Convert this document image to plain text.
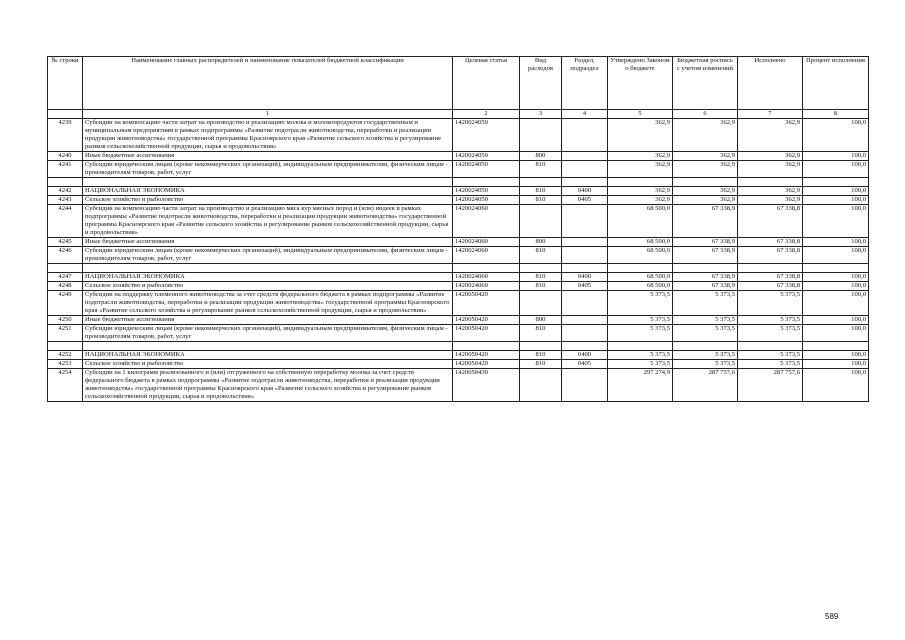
№ строки	Наименование главных распорядителей и наименование показателей бюджетной классификации	Целевая статья	Вид расходов	Раздел, подраздел	Утверждено Законом о бюджете	Бюджетная роспись с учетом изменений	Исполнено	Процент исполнения
	1	2	3	4	5	6	7	8
4239	Субсидии на компенсацию части затрат на производство и реализацию молока и молокопродуктов государственным и муниципальным предприятиям в рамках подпрограммы «Развитие подотрасли животноводства, переработки и реализации продукции животноводства» государственной программы Красноярского края «Развитие сельского хозяйства и регулирование рынков сельскохозяйственной продукции, сырья и продовольствия»	1420024050			362,9	362,9	362,9	100,0
4240	Иные бюджетные ассигнования	1420024050	800		362,9	362,9	362,9	100,0
4241	Субсидии юридическим лицам (кроме некоммерческих организаций), индивидуальным предпринимателям, физическим лицам - производителям товаров, работ, услуг	1420024050	810		362,9	362,9	362,9	100,0

4242	НАЦИОНАЛЬНАЯ ЭКОНОМИКА	1420024050	810	0400	362,9	362,9	362,9	100,0
4243	Сельское хозяйство и рыболовство	1420024050	810	0405	362,9	362,9	362,9	100,0
4244	Субсидии на компенсацию части затрат на производство и реализацию мяса кур мясных пород и (или) индеек в рамках подпрограммы «Развитие подотрасли животноводства, переработки и реализации продукции животноводства» государственной программы Красноярского края «Развитие сельского хозяйства и регулирование рынков сельскохозяйственной продукции, сырья и продовольствия»	1420024060			68 500,0	67 338,9	67 338,8	100,0
4245	Иные бюджетные ассигнования	1420024060	800		68 500,0	67 338,9	67 338,8	100,0
4246	Субсидии юридическим лицам (кроме некоммерческих организаций), индивидуальным предпринимателям, физическим лицам - производителям товаров, работ, услуг	1420024060	810		68 500,0	67 338,9	67 338,8	100,0

4247	НАЦИОНАЛЬНАЯ ЭКОНОМИКА	1420024060	810	0400	68 500,0	67 338,9	67 338,8	100,0
4248	Сельское хозяйство и рыболовство	1420024060	810	0405	68 500,0	67 338,9	67 338,8	100,0
4249	Субсидии на поддержку племенного животноводства за счет средств федерального бюджета в рамках подпрограммы «Развитие подотрасли животноводства, переработки и реализации продукции животноводства» государственной программы Красноярского края «Развитие сельского хозяйства и регулирование рынков сельскохозяйственной продукции, сырья и продовольствия»	1420050420			5 373,5	5 373,5	5 373,5	100,0
4250	Иные бюджетные ассигнования	1420050420	800		5 373,5	5 373,5	5 373,5	100,0
4251	Субсидии юридическим лицам (кроме некоммерческих организаций), индивидуальным предпринимателям, физическим лицам - производителям товаров, работ, услуг	1420050420	810		5 373,5	5 373,5	5 373,5	100,0

4252	НАЦИОНАЛЬНАЯ ЭКОНОМИКА	1420050420	810	0400	5 373,5	5 373,5	5 373,5	100,0
4253	Сельское хозяйство и рыболовство	1420050420	810	0405	5 373,5	5 373,5	5 373,5	100,0
4254	Субсидии на 1 килограмм реализованного и (или) отгруженного на собственную переработку молока за счет средств федерального бюджета в рамках подпрограммы «Развитие подотрасли животноводства, переработки и реализации продукции животноводства» государственной программы Красноярского края «Развитие сельского хозяйства и регулирование рынков сельскохозяйственной продукции, сырья и продовольствия»	1420050430			297 274,9	287 757,6	287 757,6	100,0
589
